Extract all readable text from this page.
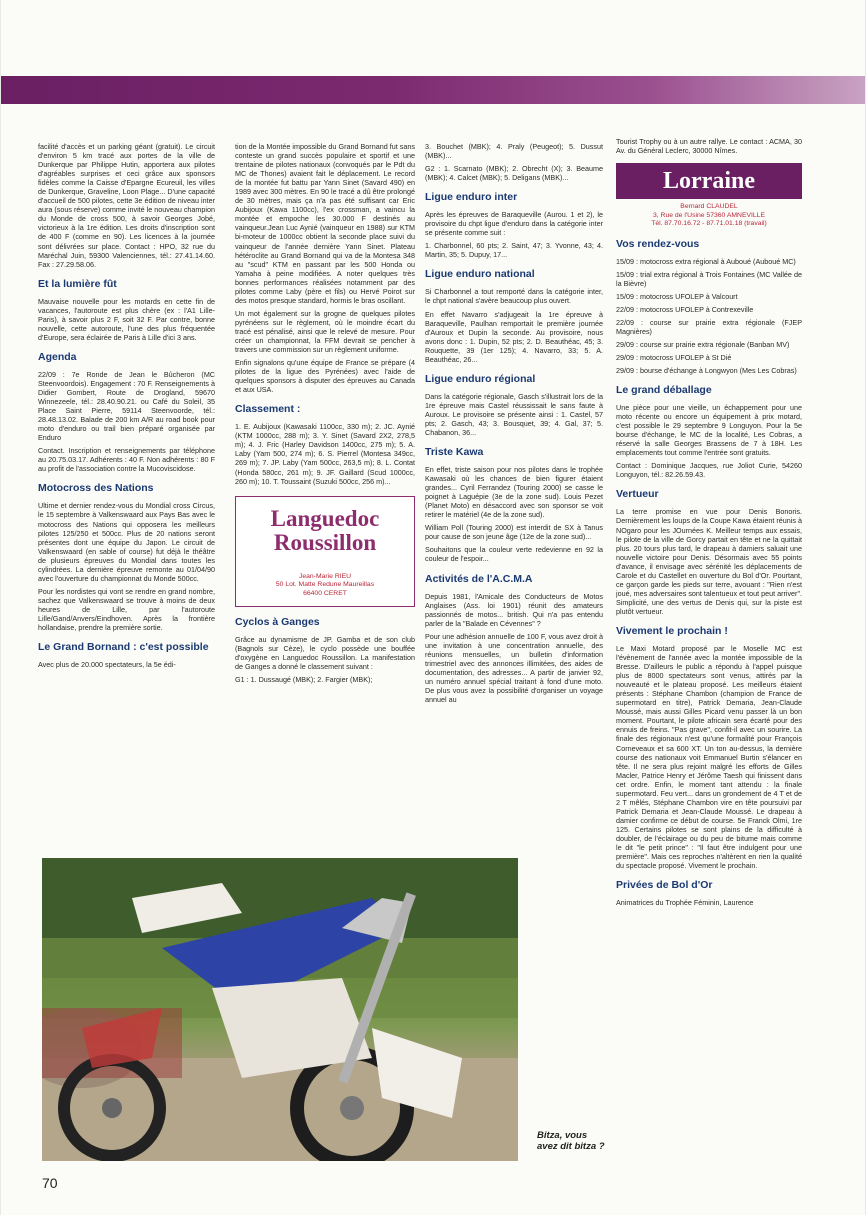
facilité d'accès et un parking géant (gratuit). Le circuit d'environ 5 km tracé aux portes de la ville de Dunkerque par Philippe Hutin, apportera aux pilotes d'agréables surprises et ceci grâce aux sponsors fidèles comme la Caisse d'Epargne Ecureuil, les villes de Dunkerque, Graveline, Loon Plage... D'une capacité d'accueil de 500 pilotes, cette 3e édition de niveau inter aura (sous réserve) comme invité le nouveau champion du Monde de cross 500, à savoir Georges Jobé, victorieux à la 1re édition. Les droits d'inscription sont de 400 F (comme en 90). Les licences à la journée sont délivrées sur place. Contact : HPO, 32 rue du Maréchal Juin, 59300 Valenciennes, tél.: 27.41.14.60. Fax : 27.29.58.06.

Et la lumière fût

Mauvaise nouvelle pour les motards en cette fin de vacances, l'autoroute est plus chère (ex : l'A1 Lille-Paris), à savoir plus 2 F, soit 32 F. Par contre, bonne nouvelle, cette autoroute, l'une des plus fréquentée d'Europe, sera éclairée de Paris à Lille d'ici 3 ans.

Agenda

22/09 : 7e Ronde de Jean le Bûcheron (MC Steenvoordois). Engagement : 70 F. Renseignements à Didier Gombert, Route de Drogland, 59670 Winnezeele, tél.: 28.40.90.21. ou Café du Soleil, 35 Place Saint Pierre, 59114 Steenvoorde, tél.: 28.48.13.02. Balade de 200 km A/R au road book pour moto d'enduro ou trail bien préparé organisée par Enduro

Contact. Inscription et renseignements par téléphone au 20.75.03.17. Adhérents : 40 F. Non adhérents : 80 F au profit de l'association contre la Mucoviscidose.

Motocross des Nations

Ultime et dernier rendez-vous du Mondial cross Circus, le 15 septembre à Valkenswaard aux Pays Bas avec le motocross des Nations qui opposera les meilleurs pilotes 125/250 et 500cc. Plus de 20 nations seront présentes dont une équipe du Japon. Le circuit de Valkenswaard (en sable of course) fut déjà le théâtre de plusieurs épreuves du Mondial dans toutes les cylindrées. La dernière épreuve remonte au 01/04/90 avec l'ouverture du championnat du Monde 500cc.

Pour les nordistes qui vont se rendre en grand nombre, sachez que Valkenswaard se trouve à moins de deux heures de Lille, par l'autoroute Lille/Gand/Anvers/Eindhoven. Après la frontière hollandaise, prendre la première sortie.

Le Grand Bornand : c'est possible

Avec plus de 20.000 spectateurs, la 5e édi-

tion de la Montée impossible du Grand Bornand fut sans conteste un grand succès populaire et sportif et une trentaine de pilotes nationaux (convoqués par le Pdt du MC de Thones) avaient fait le déplacement. Le record de la montée fut battu par Yann Sinet (Savard 490) en 1989 avec 300 mètres. En 90 le tracé a dû être prolongé de 30 mètres, mais ça n'a pas été suffisant car Eric Aubijoux (Kawa 1100cc), l'ex crossman, a vaincu la montée et empoche les 30.000 F destinés au vainqueur.Jean Luc Aynié (vainqueur en 1988) sur KTM bi-moteur de 1000cc obtient la seconde place suivi du vainqueur de l'année dernière Yann Sinet. Plateau hétéroclite au Grand Bornand qui va de la Montesa 348 au "scud" KTM en passant par les 500 Honda ou Yamaha à peine modifiées. A noter quelques très bonnes performances réalisées notamment par des pilotes comme Laby (père et fils) ou Hervé Poirot sur des motos presque standard, hormis le bras oscillant.

Un mot également sur la grogne de quelques pilotes pyrénéens sur le règlement, où le moindre écart du tracé est pénalisé, ainsi que le relevé de mesure. Pour créer un championnat, la FFM devrait se pencher à travers une commission sur un règlement uniforme.

Enfin signalons qu'une équipe de France se prépare (4 pilotes de la ligue des Pyrénées) avec l'aide de quelques sponsors à disputer des épreuves au Canada et aux USA.

Classement :

1. E. Aubijoux (Kawasaki 1100cc, 330 m); 2. JC. Aynié (KTM 1000cc, 288 m); 3. Y. Sinet (Savard 2X2, 278,5 m); 4. J. Fric (Harley Davidson 1400cc, 275 m); 5. A. Laby (Yam 500, 274 m); 6. S. Pierrel (Montesa 349cc, 269 m); 7. JP. Laby (Yam 500cc, 263,5 m); 8. L. Contat (Honda 580cc, 261 m); 9. JF. Gaillard (Scud 1000cc, 260 m); 10. T. Toussaint (Suzuki 500cc, 256 m)...

Languedoc
Roussillon
Jean-Marie RIEU
50 Lot. Matte Redune Maureillas
66400 CERET
Cyclos à Ganges

Grâce au dynamisme de JP. Gamba et de son club (Bagnols sur Cèze), le cyclo possède une bouffée d'oxygène en Languedoc Roussillon. La manifestation de Ganges a donné le classement suivant :

G1 : 1. Dussaugé (MBK); 2. Fargier (MBK);

3. Bouchet (MBK); 4. Praly (Peugeot); 5. Dussut (MBK)...

G2 : 1. Scarnato (MBK); 2. Obrecht (X); 3. Beaume (MBK); 4. Calcet (MBK); 5. Deligans (MBK)...

Ligue enduro inter

Après les épreuves de Baraqueville (Aurou. 1 et 2), le provisoire du chpt ligue d'enduro dans la catégorie inter se présente comme suit :

1. Charbonnel, 60 pts; 2. Saint, 47; 3. Yvonne, 43; 4. Martin, 35; 5. Dupuy, 17...

Ligue enduro national

Si Charbonnel a tout remporté dans la catégorie inter, le chpt national s'avère beaucoup plus ouvert.

En effet Navarro s'adjugeait la 1re épreuve à Baraqueville, Paulhan remportait le première journée d'Auroux et Dupin la seconde. Au provisoire, nous avons donc : 1. Dupin, 52 pts; 2. D. Beauthéac, 45; 3. Rouquette, 39 (1er 125); 4. Navarro, 33; 5. A. Beauthéac, 26...

Ligue enduro régional

Dans la catégorie régionale, Gasch s'illustrait lors de la 1re épreuve mais Castel réussissait le sans faute à Auroux. Le provisoire se présente ainsi : 1. Castel, 57 pts; 2. Gasch, 43; 3. Bousquet, 39; 4. Gal, 37; 5. Chabanon, 36...

Triste Kawa

En effet, triste saison pour nos pilotes dans le trophée Kawasaki où les chances de bien figurer étaient grandes... Cyril Ferrandez (Touring 2000) se casse le poignet à Laguépie (3e de la zone sud). Louis Pezet (Planet Moto) en désaccord avec son sponsor se voit retirer le matériel (4e de la zone sud).

William Poll (Touring 2000) est interdit de SX à Tanus pour cause de son jeune âge (12e de la zone sud)...

Souhaitons que la couleur verte redevienne en 92 la couleur de l'espoir...

Activités de l'A.C.M.A

Depuis 1981, l'Amicale des Conducteurs de Motos Anglaises (Ass. loi 1901) réunit des amateurs passionnés de motos... british. Qui n'a pas entendu parler de la "Balade en Cévennes" ?

Pour une adhésion annuelle de 100 F, vous avez droit à une invitation à une concentration annuelle, des réunions mensuelles, un bulletin d'information trimestriel avec des annonces illimitées, des aides de documentation, des adresses... A partir de janvier 92, un numéro annuel spécial traitant à fond d'une moto. De plus vous avez la possibilité d'organiser un voyage annuel au

Tourist Trophy ou à un autre rallye. Le contact : ACMA, 30 Av. du Général Leclerc, 30000 Nîmes.

Lorraine
Bernard CLAUDEL
3, Rue de l'Usine 57360 AMNEVILLE
Tél. 87.70.16.72 - 87.71.01.18 (travail)
Vos rendez-vous

15/09 : motocross extra régional à Auboué (Auboué MC)

15/09 : trial extra régional à Trois Fontaines (MC Vallée de la Bièvre)

15/09 : motocross UFOLEP à Valcourt

22/09 : motocross UFOLEP à Contrexeville

22/09 : course sur prairie extra régionale (FJEP Magnières)

29/09 : course sur prairie extra régionale (Banban MV)

29/09 : motocross UFOLEP à St Dié

29/09 : bourse d'échange à Longwyon (Mes Les Cobras)

Le grand déballage

Une pièce pour une vieille, un échappement pour une moto récente ou encore un équipement à prix motard, c'est possible le 29 septembre 9 Longuyon. Pour la 5e bourse d'échange, le MC de la localité, Les Cobras, a réservé la salle Georges Brassens de 7 à 18H. Les emplacements tout comme l'entrée sont gratuits.

Contact : Dominique Jacques, rue Joliot Curie, 54260 Longuyon, tél.: 82.26.59.43.

Vertueur

La terre promise en vue pour Denis Bonoris. Dernièrement les loups de la Coupe Kawa étaient réunis à NOgaro pour les JOurnées K. Meilleur temps aux essais, le pilote de la ville de Gorcy partait en tête et ne la quittait plus. 20 tours plus tard, le drapeau à damiers saluait une nouvelle victoire pour Denis. Désormais avec 55 points d'avance, il envisage avec sérénité les déplacements de Carole et du Castellet en ouverture du Bol d'Or. Pourtant, ce garçon garde les pieds sur terre, avouant : "Rien n'est joué, mes adversaires sont talentueux et tout peut arriver". Simplicité, une des vertus de Denis qui, sur la piste est plutôt vertueur.

Vivement le prochain !

Le Maxi Motard proposé par le Moselle MC est l'évènement de l'année avec la montée impossible de la Bresse. D'ailleurs le public a répondu à l'appel puisque plus de 8000 spectateurs sont venus, attirés par la nouveauté et le plateau proposé. Les meilleurs étaient présents : Stéphane Chambon (champion de France de supermotard en titre), Patrick Demaria, Jean-Claude Moussé, mais aussi Gilles Picard venu passer là un bon moment. Pourtant, le pilote africain sera écarté pour des ennuis de freins. "Pas grave", confit-il avec un sourire. La finale des régionaux n'est qu'une formalité pour François Corneveaux et sa 600 XT. Un ton au-dessus, la dernière course des nationaux voit Emmanuel Burtin s'élancer en tête. Il ne sera plus rejoint malgré les efforts de Gilles Macler, Patrice Henry et Jérôme Taesh qui finissent dans cet ordre. Enfin, le moment tant attendu : la finale supermotard. Feu vert... dans un grondement de 4 T et de 2 T mêlés, Stéphane Chambon vire en tête poursuivi par Patrick Demaria et Jean-Claude Moussé. Le drapeau à damier confirme ce début de course. 5e Franck Olmi, 1re 125. Certains pilotes se sont plains de la difficulté à doubler, de l'éclairage ou du peu de bitume mais comme le dit "le petit prince" : "Il faut être indulgent pour une première". Mais ces reproches n'altèrent en rien la qualité du spectacle proposé. Vivement le prochain.

Privées de Bol d'Or

Animatrices du Trophée Féminin, Laurence

Bitza, vous avez dit bitza ?
70
